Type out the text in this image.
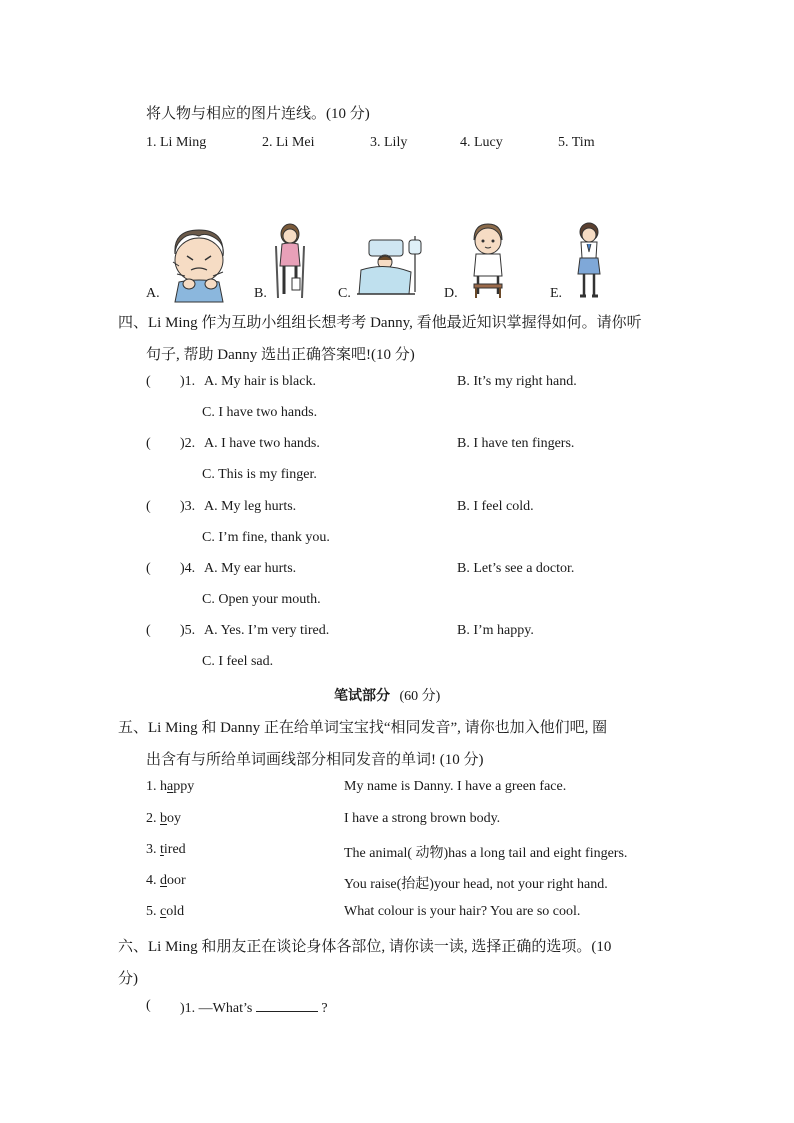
将人物与相应的图片连线。(10 分)
1. Li Ming	2. Li Mei	3. Lily	4. Lucy	5. Tim
A.	B.	C.	D.	E.
四、Li Ming 作为互助小组组长想考考 Danny, 看他最近知识掌握得如何。请你听
句子, 帮助 Danny 选出正确答案吧!(10 分)
( )1. A. My hair is black.	B. It’s my right hand.
C. I have two hands.
( )2. A. I have two hands.	B. I have ten fingers.
C. This is my finger.
( )3. A. My leg hurts.	B. I feel cold.
C. I’m fine, thank you.
( )4. A. My ear hurts.	B. Let’s see a doctor.
C. Open your mouth.
( )5. A. Yes. I’m very tired.	B. I’m happy.
C. I feel sad.
笔试部分 (60 分)
五、Li Ming 和 Danny 正在给单词宝宝找“相同发音”, 请你也加入他们吧, 圈
出含有与所给单词画线部分相同发音的单词! (10 分)
1. happy	My name is Danny. I have a green face.
2. boy	I have a strong brown body.
3. tired	The animal( 动物)has a long tail and eight fingers.
4. door	You raise(抬起)your head, not your right hand.
5. cold	What colour is your hair? You are so cool.
六、Li Ming 和朋友正在谈论身体各部位, 请你读一读, 选择正确的选项。(10
分)
( )1. —What’s	?
